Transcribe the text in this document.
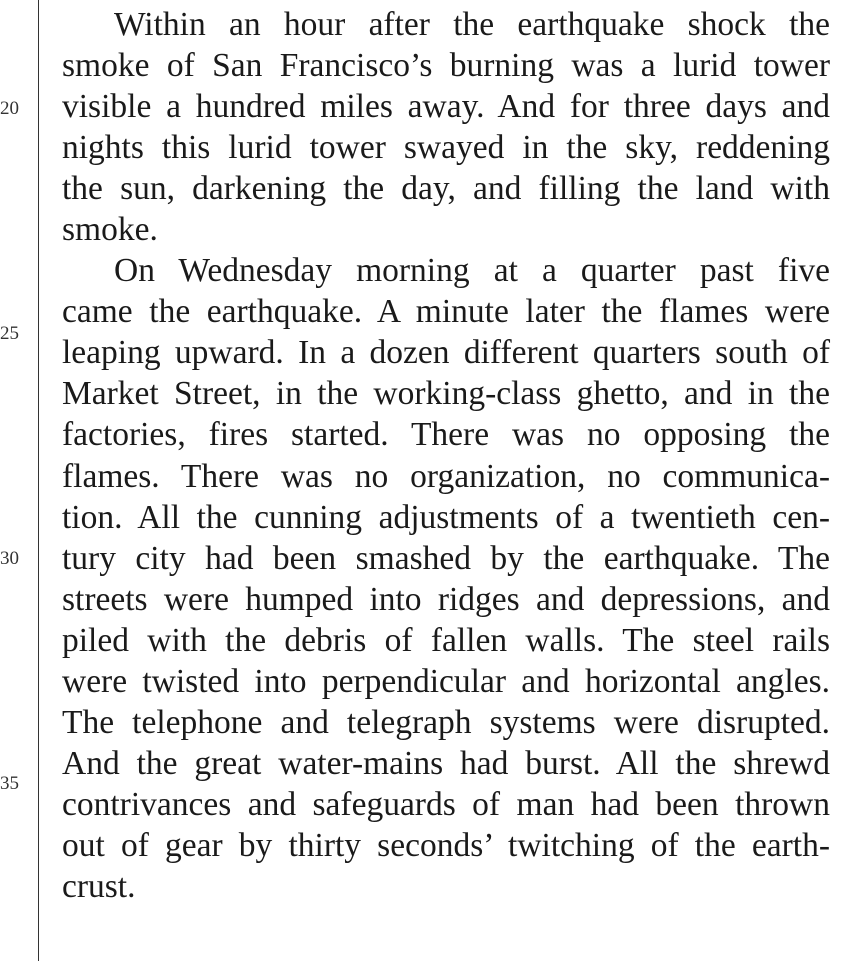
20
25
30
35
Within an hour after the earthquake shock the
smoke of San Francisco’s burning was a lurid tower
visible a hundred miles away. And for three days and
nights this lurid tower swayed in the sky, reddening
the sun, darkening the day, and filling the land with
smoke.
On Wednesday morning at a quarter past five
came the earthquake. A minute later the flames were
leaping upward. In a dozen different quarters south of
Market Street, in the working-class ghetto, and in the
factories, fires started. There was no opposing the
flames. There was no organization, no communica-
tion. All the cunning adjustments of a twentieth cen-
tury city had been smashed by the earthquake. The
streets were humped into ridges and depressions, and
piled with the debris of fallen walls. The steel rails
were twisted into perpendicular and horizontal angles.
The telephone and telegraph systems were disrupted.
And the great water-mains had burst. All the shrewd
contrivances and safeguards of man had been thrown
out of gear by thirty seconds’ twitching of the earth-
crust.
